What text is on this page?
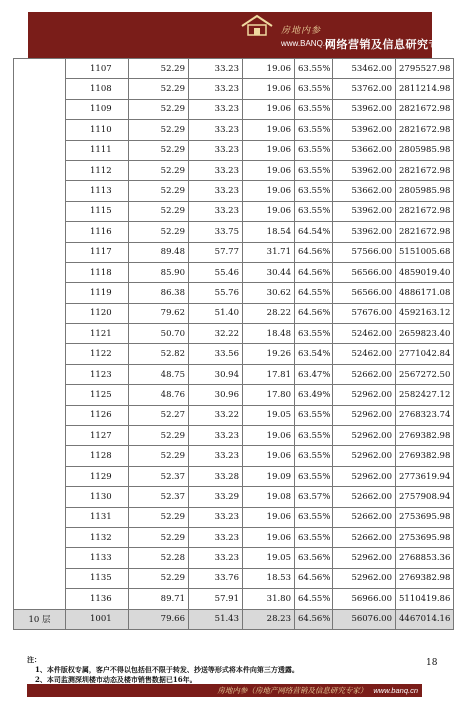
房地内参
www.BANQ.cn
网络营销及信息研究专家
	1107	52.29	33.23	19.06	63.55%	53462.00	2795527.98
	1108	52.29	33.23	19.06	63.55%	53762.00	2811214.98
	1109	52.29	33.23	19.06	63.55%	53962.00	2821672.98
	1110	52.29	33.23	19.06	63.55%	53962.00	2821672.98
	1111	52.29	33.23	19.06	63.55%	53662.00	2805985.98
	1112	52.29	33.23	19.06	63.55%	53962.00	2821672.98
	1113	52.29	33.23	19.06	63.55%	53662.00	2805985.98
	1115	52.29	33.23	19.06	63.55%	53962.00	2821672.98
	1116	52.29	33.75	18.54	64.54%	53962.00	2821672.98
	1117	89.48	57.77	31.71	64.56%	57566.00	5151005.68
	1118	85.90	55.46	30.44	64.56%	56566.00	4859019.40
	1119	86.38	55.76	30.62	64.55%	56566.00	4886171.08
	1120	79.62	51.40	28.22	64.56%	57676.00	4592163.12
	1121	50.70	32.22	18.48	63.55%	52462.00	2659823.40
	1122	52.82	33.56	19.26	63.54%	52462.00	2771042.84
	1123	48.75	30.94	17.81	63.47%	52662.00	2567272.50
	1125	48.76	30.96	17.80	63.49%	52962.00	2582427.12
	1126	52.27	33.22	19.05	63.55%	52962.00	2768323.74
	1127	52.29	33.23	19.06	63.55%	52962.00	2769382.98
	1128	52.29	33.23	19.06	63.55%	52962.00	2769382.98
	1129	52.37	33.28	19.09	63.55%	52962.00	2773619.94
	1130	52.37	33.29	19.08	63.57%	52662.00	2757908.94
	1131	52.29	33.23	19.06	63.55%	52662.00	2753695.98
	1132	52.29	33.23	19.06	63.55%	52662.00	2753695.98
	1133	52.28	33.23	19.05	63.56%	52962.00	2768853.36
	1135	52.29	33.76	18.53	64.56%	52962.00	2769382.98
	1136	89.71	57.91	31.80	64.55%	56966.00	5110419.86
10 层	1001	79.66	51.43	28.23	64.56%	56076.00	4467014.16
注：
1、本件版权专属，客户不得以包括但不限于转发、抄送等形式将本件向第三方透露。
2、本司监测深圳楼市动态及楼市销售数据已16年。
18
房地内参（房地产网络营销及信息研究专家） www.banq.cn
